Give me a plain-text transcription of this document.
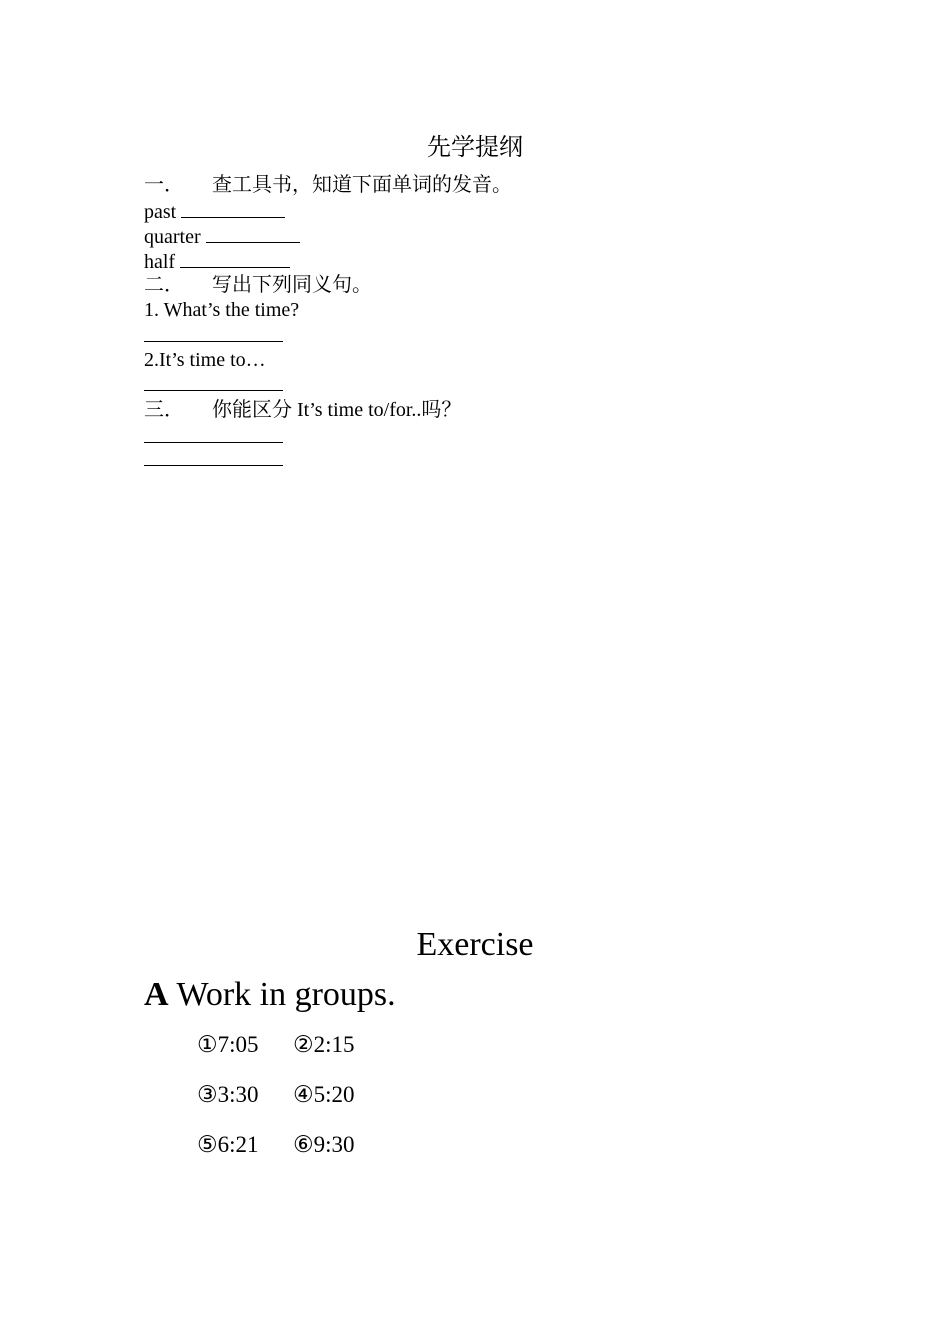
先学提纲
一． 查工具书，知道下面单词的发音。
past
quarter
half
二． 写出下列同义句。
1. What’s the time?
2.It’s time to…
三． 你能区分 It’s time to/for..吗？
Exercise
A Work in groups.
①7:05 ②2:15
③3:30 ④5:20
⑤6:21 ⑥9:30
